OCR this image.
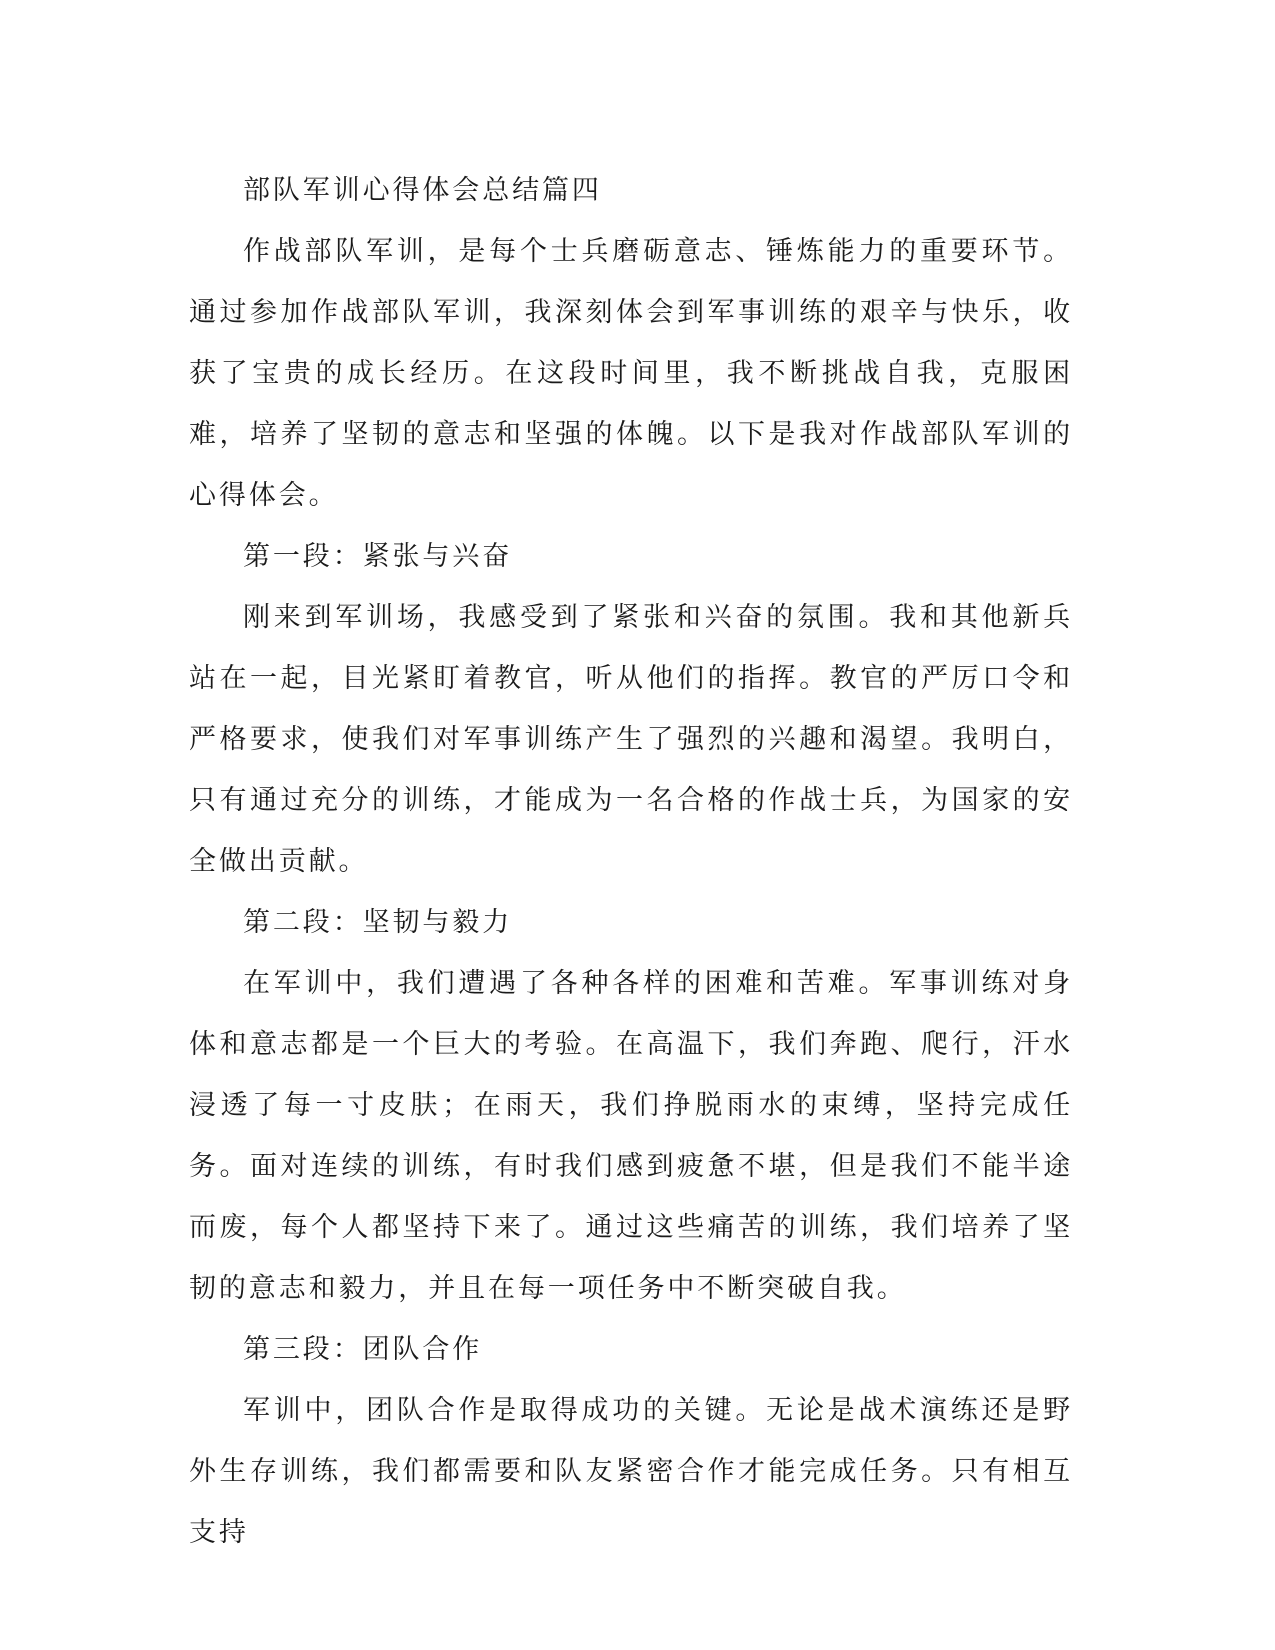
部队军训心得体会总结篇四

作战部队军训，是每个士兵磨砺意志、锤炼能力的重要环节。通过参加作战部队军训，我深刻体会到军事训练的艰辛与快乐，收获了宝贵的成长经历。在这段时间里，我不断挑战自我，克服困难，培养了坚韧的意志和坚强的体魄。以下是我对作战部队军训的心得体会。

第一段：紧张与兴奋

刚来到军训场，我感受到了紧张和兴奋的氛围。我和其他新兵站在一起，目光紧盯着教官，听从他们的指挥。教官的严厉口令和严格要求，使我们对军事训练产生了强烈的兴趣和渴望。我明白，只有通过充分的训练，才能成为一名合格的作战士兵，为国家的安全做出贡献。

第二段：坚韧与毅力

在军训中，我们遭遇了各种各样的困难和苦难。军事训练对身体和意志都是一个巨大的考验。在高温下，我们奔跑、爬行，汗水浸透了每一寸皮肤；在雨天，我们挣脱雨水的束缚，坚持完成任务。面对连续的训练，有时我们感到疲惫不堪，但是我们不能半途而废，每个人都坚持下来了。通过这些痛苦的训练，我们培养了坚韧的意志和毅力，并且在每一项任务中不断突破自我。

第三段：团队合作

军训中，团队合作是取得成功的关键。无论是战术演练还是野外生存训练，我们都需要和队友紧密合作才能完成任务。只有相互支持
